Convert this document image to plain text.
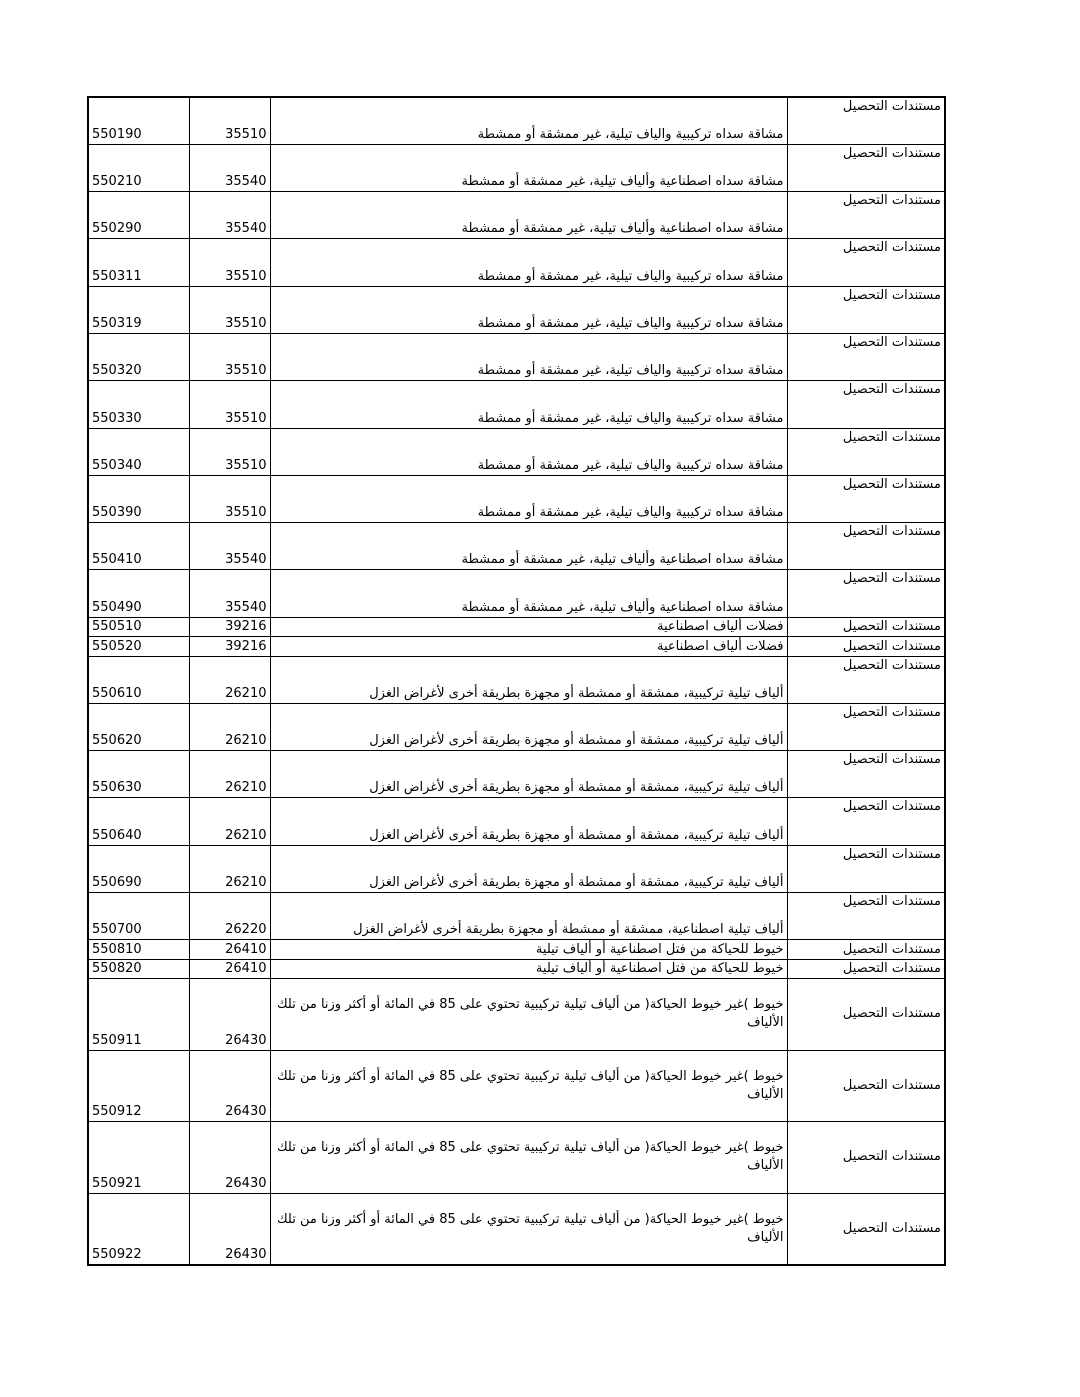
550190	35510	مشاقة سداه تركيبية والياف تيلية، غير ممشقة أو ممشطة	مستندات التحصيل
550210	35540	مشاقة سداه اصطناعية وألياف تيلية، غير ممشقة أو ممشطة	مستندات التحصيل
550290	35540	مشاقة سداه اصطناعية وألياف تيلية، غير ممشقة أو ممشطة	مستندات التحصيل
550311	35510	مشاقة سداه تركيبية والياف تيلية، غير ممشقة أو ممشطة	مستندات التحصيل
550319	35510	مشاقة سداه تركيبية والياف تيلية، غير ممشقة أو ممشطة	مستندات التحصيل
550320	35510	مشاقة سداه تركيبية والياف تيلية، غير ممشقة أو ممشطة	مستندات التحصيل
550330	35510	مشاقة سداه تركيبية والياف تيلية، غير ممشقة أو ممشطة	مستندات التحصيل
550340	35510	مشاقة سداه تركيبية والياف تيلية، غير ممشقة أو ممشطة	مستندات التحصيل
550390	35510	مشاقة سداه تركيبية والياف تيلية، غير ممشقة أو ممشطة	مستندات التحصيل
550410	35540	مشاقة سداه اصطناعية وألياف تيلية، غير ممشقة أو ممشطة	مستندات التحصيل
550490	35540	مشاقة سداه اصطناعية وألياف تيلية، غير ممشقة أو ممشطة	مستندات التحصيل
550510	39216	فضلات ألياف اصطناعية	مستندات التحصيل
550520	39216	فضلات ألياف اصطناعية	مستندات التحصيل
550610	26210	ألياف تيلية تركيبية، ممشقة أو ممشطة أو مجهزة بطريقة أخرى لأغراض الغزل	مستندات التحصيل
550620	26210	ألياف تيلية تركيبية، ممشقة أو ممشطة أو مجهزة بطريقة أخرى لأغراض الغزل	مستندات التحصيل
550630	26210	ألياف تيلية تركيبية، ممشقة أو ممشطة أو مجهزة بطريقة أخرى لأغراض الغزل	مستندات التحصيل
550640	26210	ألياف تيلية تركيبية، ممشقة أو ممشطة أو مجهزة بطريقة أخرى لأغراض الغزل	مستندات التحصيل
550690	26210	ألياف تيلية تركيبية، ممشقة أو ممشطة أو مجهزة بطريقة أخرى لأغراض الغزل	مستندات التحصيل
550700	26220	ألياف تيلية اصطناعية، ممشقة أو ممشطة أو مجهزة بطريقة أخرى لأغراض الغزل	مستندات التحصيل
550810	26410	خيوط للحياكة من فتل اصطناعية أو ألياف تيلية	مستندات التحصيل
550820	26410	خيوط للحياكة من فتل اصطناعية أو ألياف تيلية	مستندات التحصيل
550911	26430	خيوط )غير خيوط الحياكة( من ألياف تيلية تركيبية تحتوي على 85 في المائة أو أكثر وزنا من تلك الألياف	مستندات التحصيل
550912	26430	خيوط )غير خيوط الحياكة( من ألياف تيلية تركيبية تحتوي على 85 في المائة أو أكثر وزنا من تلك الألياف	مستندات التحصيل
550921	26430	خيوط )غير خيوط الحياكة( من ألياف تيلية تركيبية تحتوي على 85 في المائة أو أكثر وزنا من تلك الألياف	مستندات التحصيل
550922	26430	خيوط )غير خيوط الحياكة( من ألياف تيلية تركيبية تحتوي على 85 في المائة أو أكثر وزنا من تلك الألياف	مستندات التحصيل
